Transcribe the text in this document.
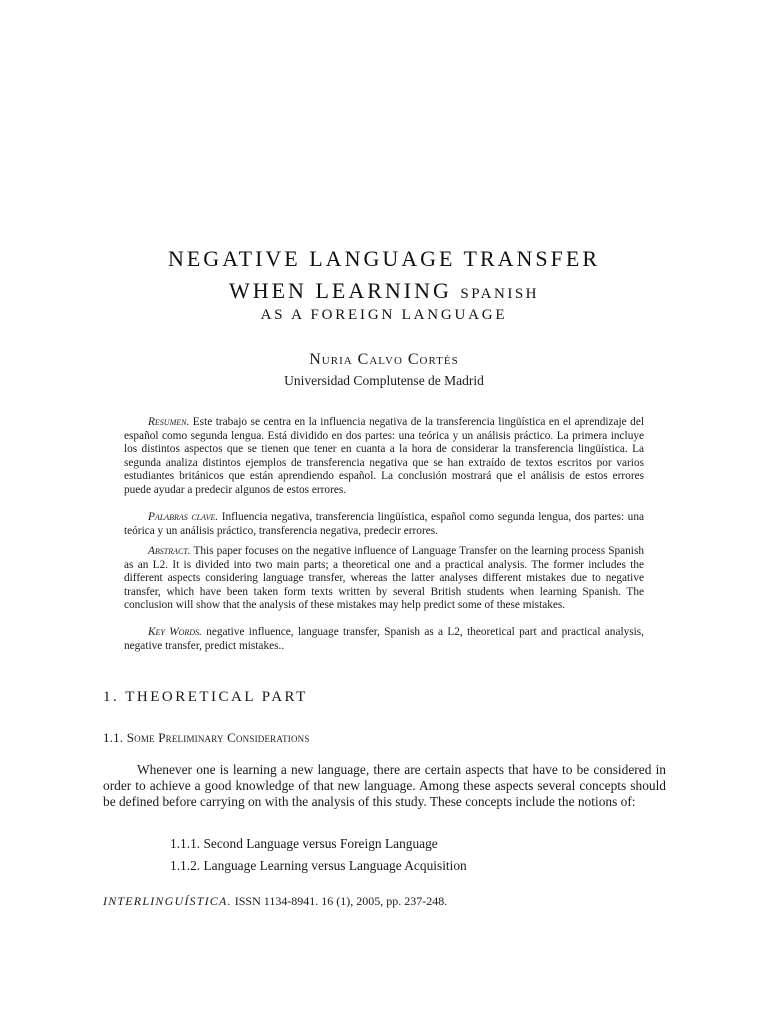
NEGATIVE LANGUAGE TRANSFER
WHEN LEARNING SPANISH
AS A FOREIGN LANGUAGE
Nuria Calvo Cortés
Universidad Complutense de Madrid
Resumen. Este trabajo se centra en la influencia negativa de la transferencia lingüística en el aprendizaje del español como segunda lengua. Está dividido en dos partes: una teórica y un análisis práctico. La primera incluye los distintos aspectos que se tienen que tener en cuanta a la hora de considerar la transferencia lingüística. La segunda analiza distintos ejemplos de transferencia negativa que se han extraído de textos escritos por varios estudiantes británicos que están aprendiendo español. La conclusión mostrará que el análisis de estos errores puede ayudar a predecir algunos de estos errores.
Palabras clave. Influencia negativa, transferencia lingüística, español como segunda lengua, dos partes: una teórica y un análisis práctico, transferencia negativa, predecir errores.
Abstract. This paper focuses on the negative influence of Language Transfer on the learning process Spanish as an L2. It is divided into two main parts; a theoretical one and a practical analysis. The former includes the different aspects considering language transfer, whereas the latter analyses different mistakes due to negative transfer, which have been taken form texts written by several British students when learning Spanish. The conclusion will show that the analysis of these mistakes may help predict some of these mistakes.
Key Words. negative influence, language transfer, Spanish as a L2, theoretical part and practical analysis, negative transfer, predict mistakes..
1. THEORETICAL PART
1.1. Some Preliminary Considerations
Whenever one is learning a new language, there are certain aspects that have to be considered in order to achieve a good knowledge of that new language. Among these aspects several concepts should be defined before carrying on with the analysis of this study. These concepts include the notions of:
1.1.1. Second Language versus Foreign Language
1.1.2. Language Learning versus Language Acquisition
INTERLINGUÍSTICA. ISSN 1134-8941. 16 (1), 2005, pp. 237-248.
